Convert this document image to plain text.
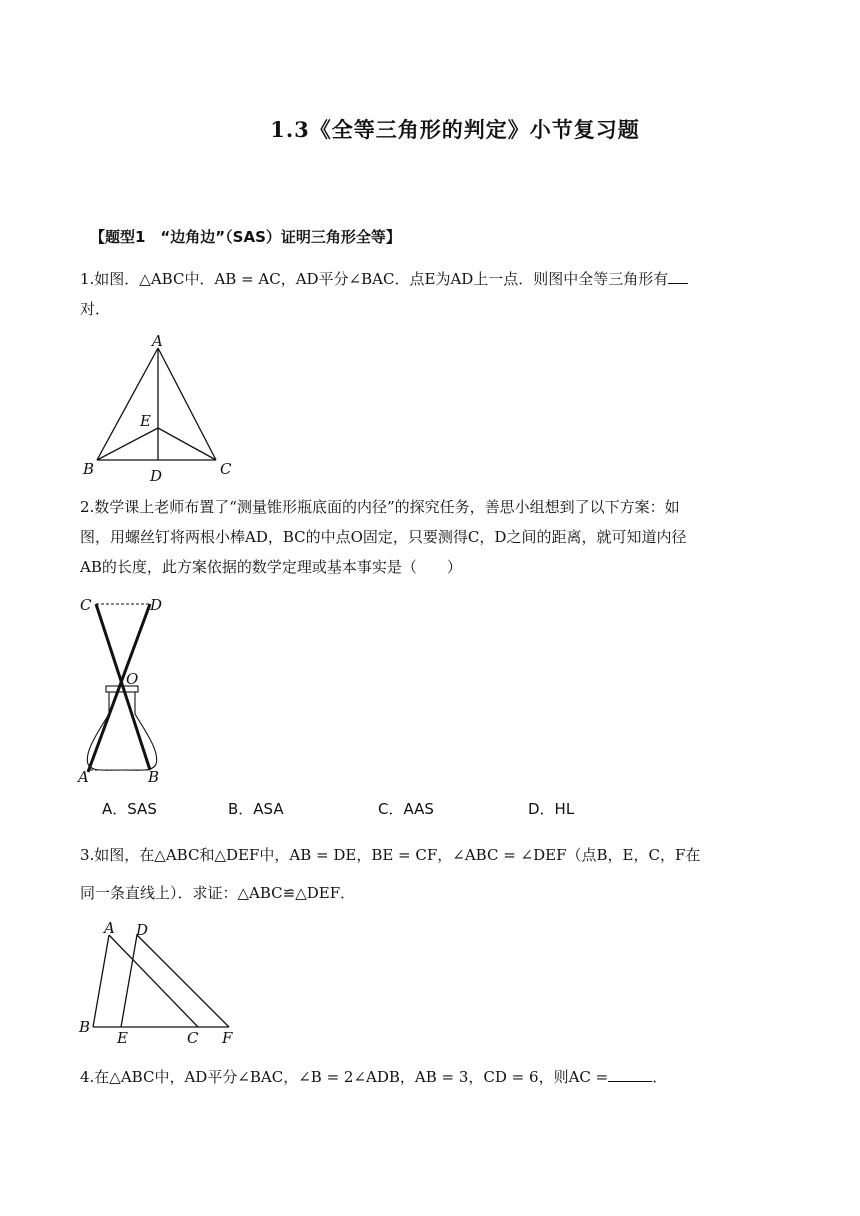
1.3《全等三角形的判定》小节复习题
【题型1　“边角边”（SAS）证明三角形全等】
1.如图．△ABC中．AB = AC，AD平分∠BAC．点E为AD上一点．则图中全等三角形有
对．
A
B	C
D
E
2.数学课上老师布置了“测量锥形瓶底面的内径”的探究任务，善思小组想到了以下方案：如
图，用螺丝钉将两根小棒AD，BC的中点O固定，只要测得C，D之间的距离，就可知道内径
AB的长度，此方案依据的数学定理或基本事实是（　　）
C	D
O
A	B
A．SAS	B．ASA	C．AAS	D．HL
3.如图，在△ABC和△DEF中，AB = DE，BE = CF，∠ABC = ∠DEF（点B，E，C，F在
同一条直线上）．求证：△ABC≌△DEF．
A D
B
E	C F
4.在△ABC中，AD平分∠BAC，∠B = 2∠ADB，AB = 3，CD = 6，则AC =	．
